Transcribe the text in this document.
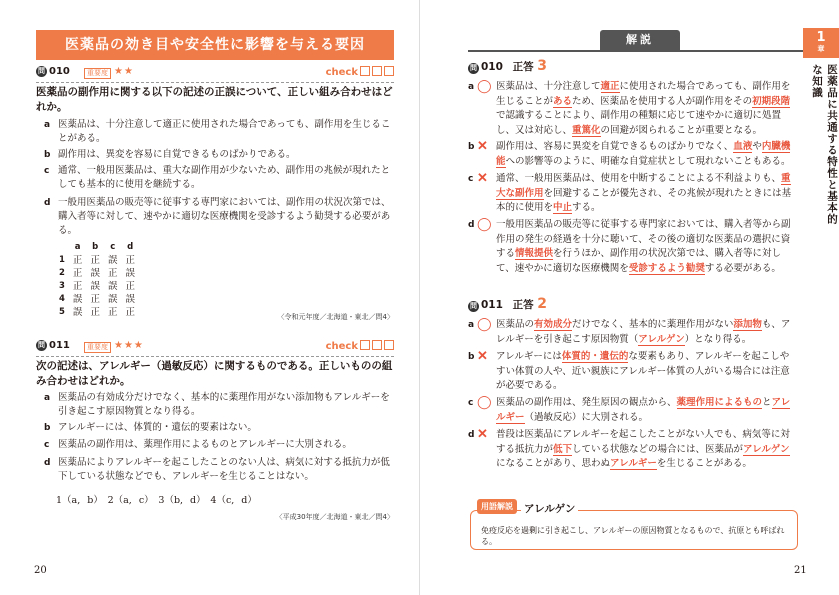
医薬品の効き目や安全性に影響を与える要因
問 010	重要度 ★★	check
医薬品の副作用に関する以下の記述の正誤について、正しい組み合わせはどれか。
a 医薬品は、十分注意して適正に使用された場合であっても、副作用を生じることがある。
b 副作用は、異変を容易に自覚できるものばかりである。
c 通常、一般用医薬品は、重大な副作用が少ないため、副作用の兆候が現れたとしても基本的に使用を継続する。
d 一般用医薬品の販売等に従事する専門家においては、副作用の状況次第では、購入者等に対して、速やかに適切な医療機関を受診するよう勧奨する必要がある。
	a	b	c	d
1	正	正	誤	正
2	正	誤	正	誤
3	正	誤	誤	正
4	誤	正	誤	誤
5	誤	正	正	正	〈令和元年度／北海道・東北／問4〉
問 011	重要度 ★★★	check
次の記述は、アレルギー（過敏反応）に関するものである。正しいものの組み合わせはどれか。
a 医薬品の有効成分だけでなく、基本的に薬理作用がない添加物もアレルギーを引き起こす原因物質となり得る。
b アレルギーには、体質的・遺伝的要素はない。
c 医薬品の副作用は、薬理作用によるものとアレルギーに大別される。
d 医薬品によりアレルギーを起こしたことのない人は、病気に対する抵抗力が低下している状態などでも、アレルギーを生じることはない。
1（a, b）　2（a, c）　3（b, d）　4（c, d）
〈平成30年度／北海道・東北／問4〉
20
解説	1
章
医薬品に共通する特性と基本的な知識
問 010 正答 3
a ◯ 医薬品は、十分注意して適正に使用された場合であっても、副作用を生じることがあるため、医薬品を使用する人が副作用をその初期段階で認識することにより、副作用の種類に応じて速やかに適切に処置し、又は対応し、重篤化の回避が図られることが重要となる。
b ✕ 副作用は、容易に異変を自覚できるものばかりでなく、血液や内臓機能への影響等のように、明確な自覚症状として現れないこともある。
c ✕ 通常、一般用医薬品は、使用を中断することによる不利益よりも、重大な副作用を回避することが優先され、その兆候が現れたときには基本的に使用を中止する。
d ◯ 一般用医薬品の販売等に従事する専門家においては、購入者等から副作用の発生の経過を十分に聴いて、その後の適切な医薬品の選択に資する情報提供を行うほか、副作用の状況次第では、購入者等に対して、速やかに適切な医療機関を受診するよう勧奨する必要がある。
問 011 正答 2
a ◯ 医薬品の有効成分だけでなく、基本的に薬理作用がない添加物も、アレルギーを引き起こす原因物質（アレルゲン）となり得る。
b ✕ アレルギーには体質的・遺伝的な要素もあり、アレルギーを起こしやすい体質の人や、近い親族にアレルギー体質の人がいる場合には注意が必要である。
c ◯ 医薬品の副作用は、発生原因の観点から、薬理作用によるものとアレルギー（過敏反応）に大別される。
d ✕ 普段は医薬品にアレルギーを起こしたことがない人でも、病気等に対する抵抗力が低下している状態などの場合には、医薬品がアレルゲンになることがあり、思わぬアレルギーを生じることがある。
用語解説	アレルゲン
免疫反応を過剰に引き起こし、アレルギーの原因物質となるもので、抗原とも呼ばれる。
21
